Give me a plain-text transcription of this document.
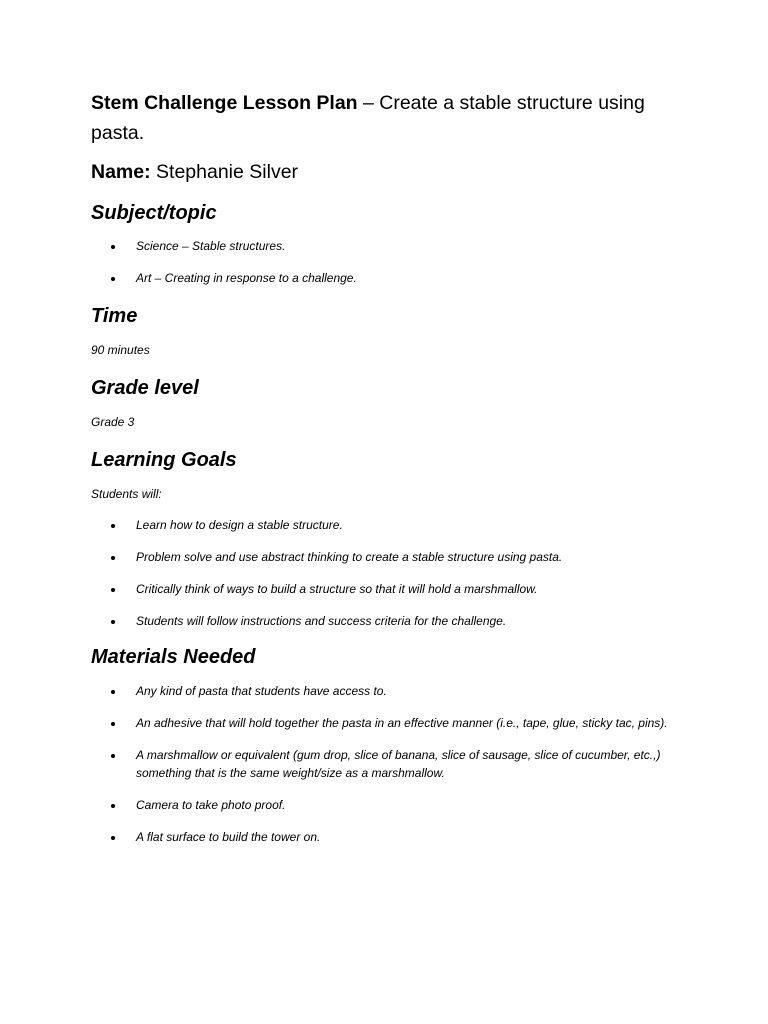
Stem Challenge Lesson Plan – Create a stable structure using pasta.

Name: Stephanie Silver

Subject/topic
Science – Stable structures.
Art – Creating in response to a challenge.
Time

90 minutes

Grade level

Grade 3

Learning Goals

Students will:

Learn how to design a stable structure.
Problem solve and use abstract thinking to create a stable structure using pasta.
Critically think of ways to build a structure so that it will hold a marshmallow.
Students will follow instructions and success criteria for the challenge.
Materials Needed
Any kind of pasta that students have access to.
An adhesive that will hold together the pasta in an effective manner (i.e., tape, glue, sticky tac, pins).
A marshmallow or equivalent (gum drop, slice of banana, slice of sausage, slice of cucumber, etc.,) something that is the same weight/size as a marshmallow.
Camera to take photo proof.
A flat surface to build the tower on.
